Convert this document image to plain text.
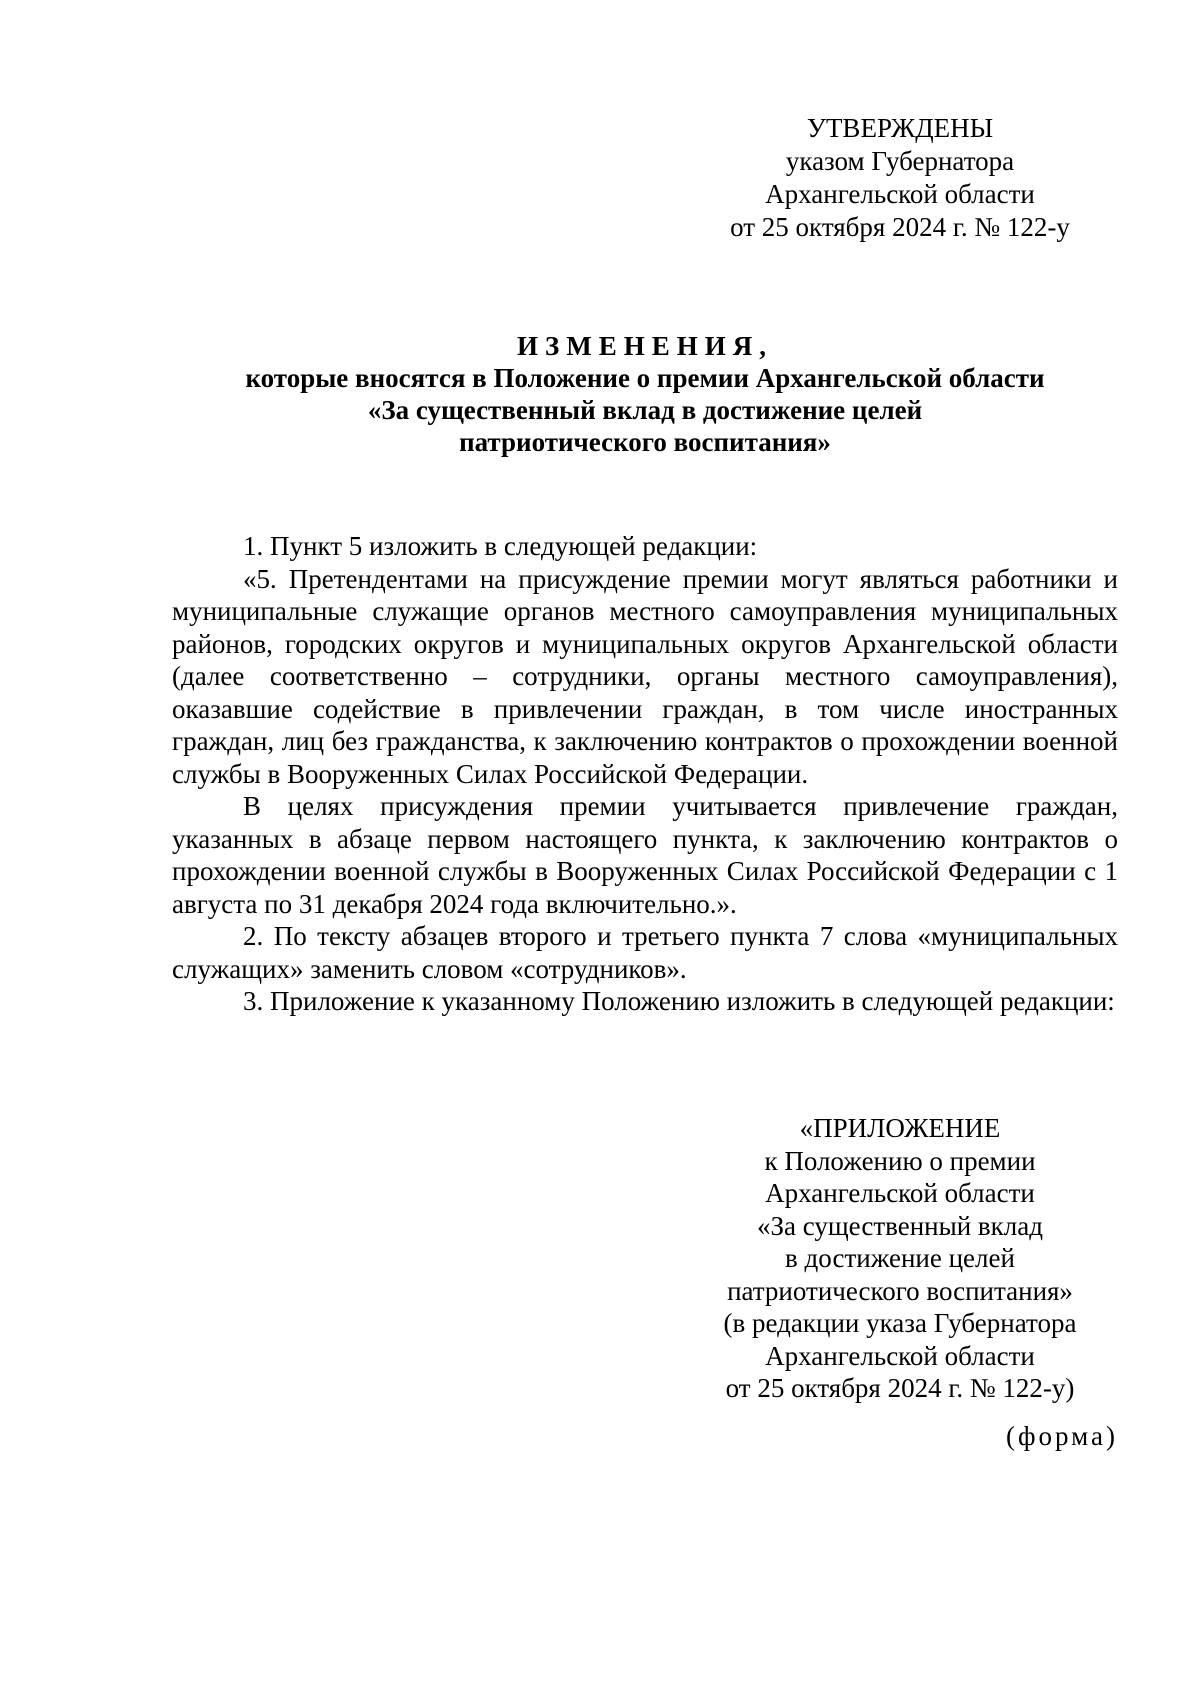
УТВЕРЖДЕНЫ
указом Губернатора
Архангельской области
от 25 октября 2024 г. № 122-у
ИЗМЕНЕНИЯ,
которые вносятся в Положение о премии Архангельской области
«За существенный вклад в достижение целей
патриотического воспитания»

1. Пункт 5 изложить в следующей редакции:

«5. Претендентами на присуждение премии могут являться работники и муниципальные служащие органов местного самоуправления муниципальных районов, городских округов и муниципальных округов Архангельской области (далее соответственно – сотрудники, органы местного самоуправления), оказавшие содействие в привлечении граждан, в том числе иностранных граждан, лиц без гражданства, к заключению контрактов о прохождении военной службы в Вооруженных Силах Российской Федерации.

В целях присуждения премии учитывается привлечение граждан, указанных в абзаце первом настоящего пункта, к заключению контрактов о прохождении военной службы в Вооруженных Силах Российской Федерации с 1 августа по 31 декабря 2024 года включительно.».

2. По тексту абзацев второго и третьего пункта 7 слова «муниципальных служащих» заменить словом «сотрудников».

3. Приложение к указанному Положению изложить в следующей редакции:

«ПРИЛОЖЕНИЕ
к Положению о премии
Архангельской области
«За существенный вклад
в достижение целей
патриотического воспитания»
(в редакции указа Губернатора
Архангельской области
от 25 октября 2024 г. № 122-у)
(форма)
